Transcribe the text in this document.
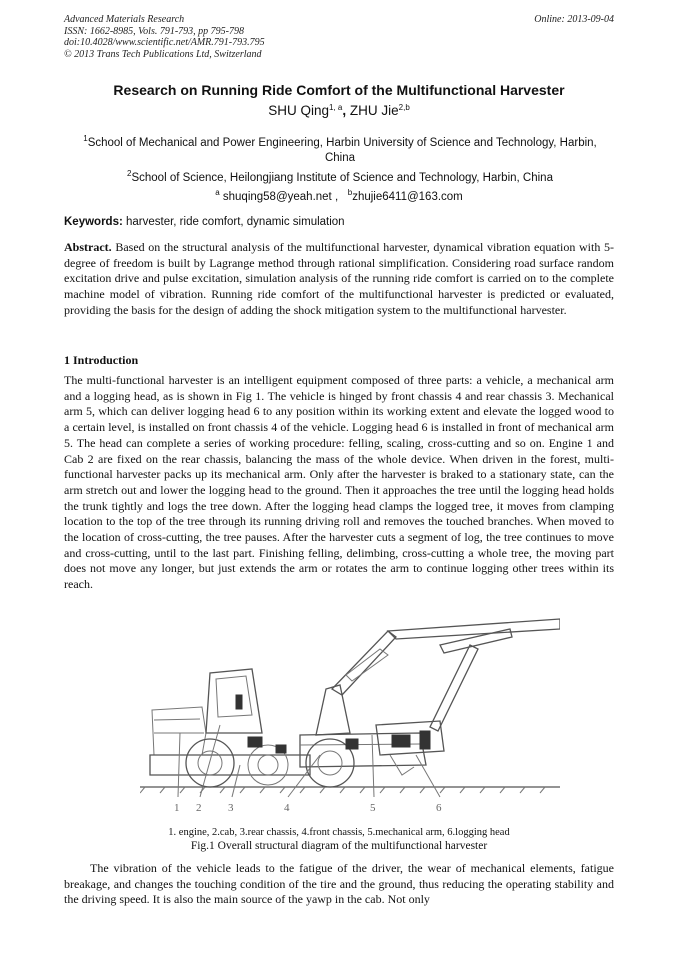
Advanced Materials Research
ISSN: 1662-8985, Vols. 791-793, pp 795-798
doi:10.4028/www.scientific.net/AMR.791-793.795
© 2013 Trans Tech Publications Ltd, Switzerland
Online: 2013-09-04
Research on Running Ride Comfort of the Multifunctional Harvester
SHU Qing$^{1, a}$, ZHU Jie$^{2,b}$
$^1$School of Mechanical and Power Engineering, Harbin University of Science and Technology, Harbin, China
$^2$School of Science, Heilongjiang Institute of Science and Technology, Harbin, China
$^a$ shuqing58@yeah.net , $^b$zhujie6411@163.com
Keywords: harvester, ride comfort, dynamic simulation
Abstract. Based on the structural analysis of the multifunctional harvester, dynamical vibration equation with 5-degree of freedom is built by Lagrange method through rational simplification. Considering road surface random excitation drive and pulse excitation, simulation analysis of the running ride comfort is carried on to the complete machine model of vibration. Running ride comfort of the multifunctional harvester is predicted or evaluated, providing the basis for the design of adding the shock mitigation system to the multifunctional harvester.
1 Introduction
The multi-functional harvester is an intelligent equipment composed of three parts: a vehicle, a mechanical arm and a logging head, as is shown in Fig 1. The vehicle is hinged by front chassis 4 and rear chassis 3. Mechanical arm 5, which can deliver logging head 6 to any position within its working extent and elevate the logged wood to a certain level, is installed on front chassis 4 of the vehicle. Logging head 6 is installed in front of mechanical arm 5. The head can complete a series of working procedure: felling, scaling, cross-cutting and so on. Engine 1 and Cab 2 are fixed on the rear chassis, balancing the mass of the whole device. When driven in the forest, multi-functional harvester packs up its mechanical arm. Only after the harvester is braked to a stationary state, can the arm stretch out and lower the logging head to the ground. Then it approaches the tree until the logging head holds the trunk tightly and logs the tree down. After the logging head clamps the logged tree, it moves from clamping location to the top of the tree through its running driving roll and removes the touched branches. When moved to the location of cross-cutting, the tree pauses. After the harvester cuts a segment of log, the tree continues to move and cross-cutting, until to the last part. Finishing felling, delimbing, cross-cutting a whole tree, the moving part does not move any longer, but just extends the arm or rotates the arm to continue logging other trees within its reach.
1 2 3	4	5	6
1. engine, 2.cab, 3.rear chassis, 4.front chassis, 5.mechanical arm, 6.logging head
Fig.1 Overall structural diagram of the multifunctional harvester
The vibration of the vehicle leads to the fatigue of the driver, the wear of mechanical elements, fatigue breakage, and changes the touching condition of the tire and the ground, thus reducing the operating stability and the driving speed. It is also the main source of the yawp in the cab. Not only
